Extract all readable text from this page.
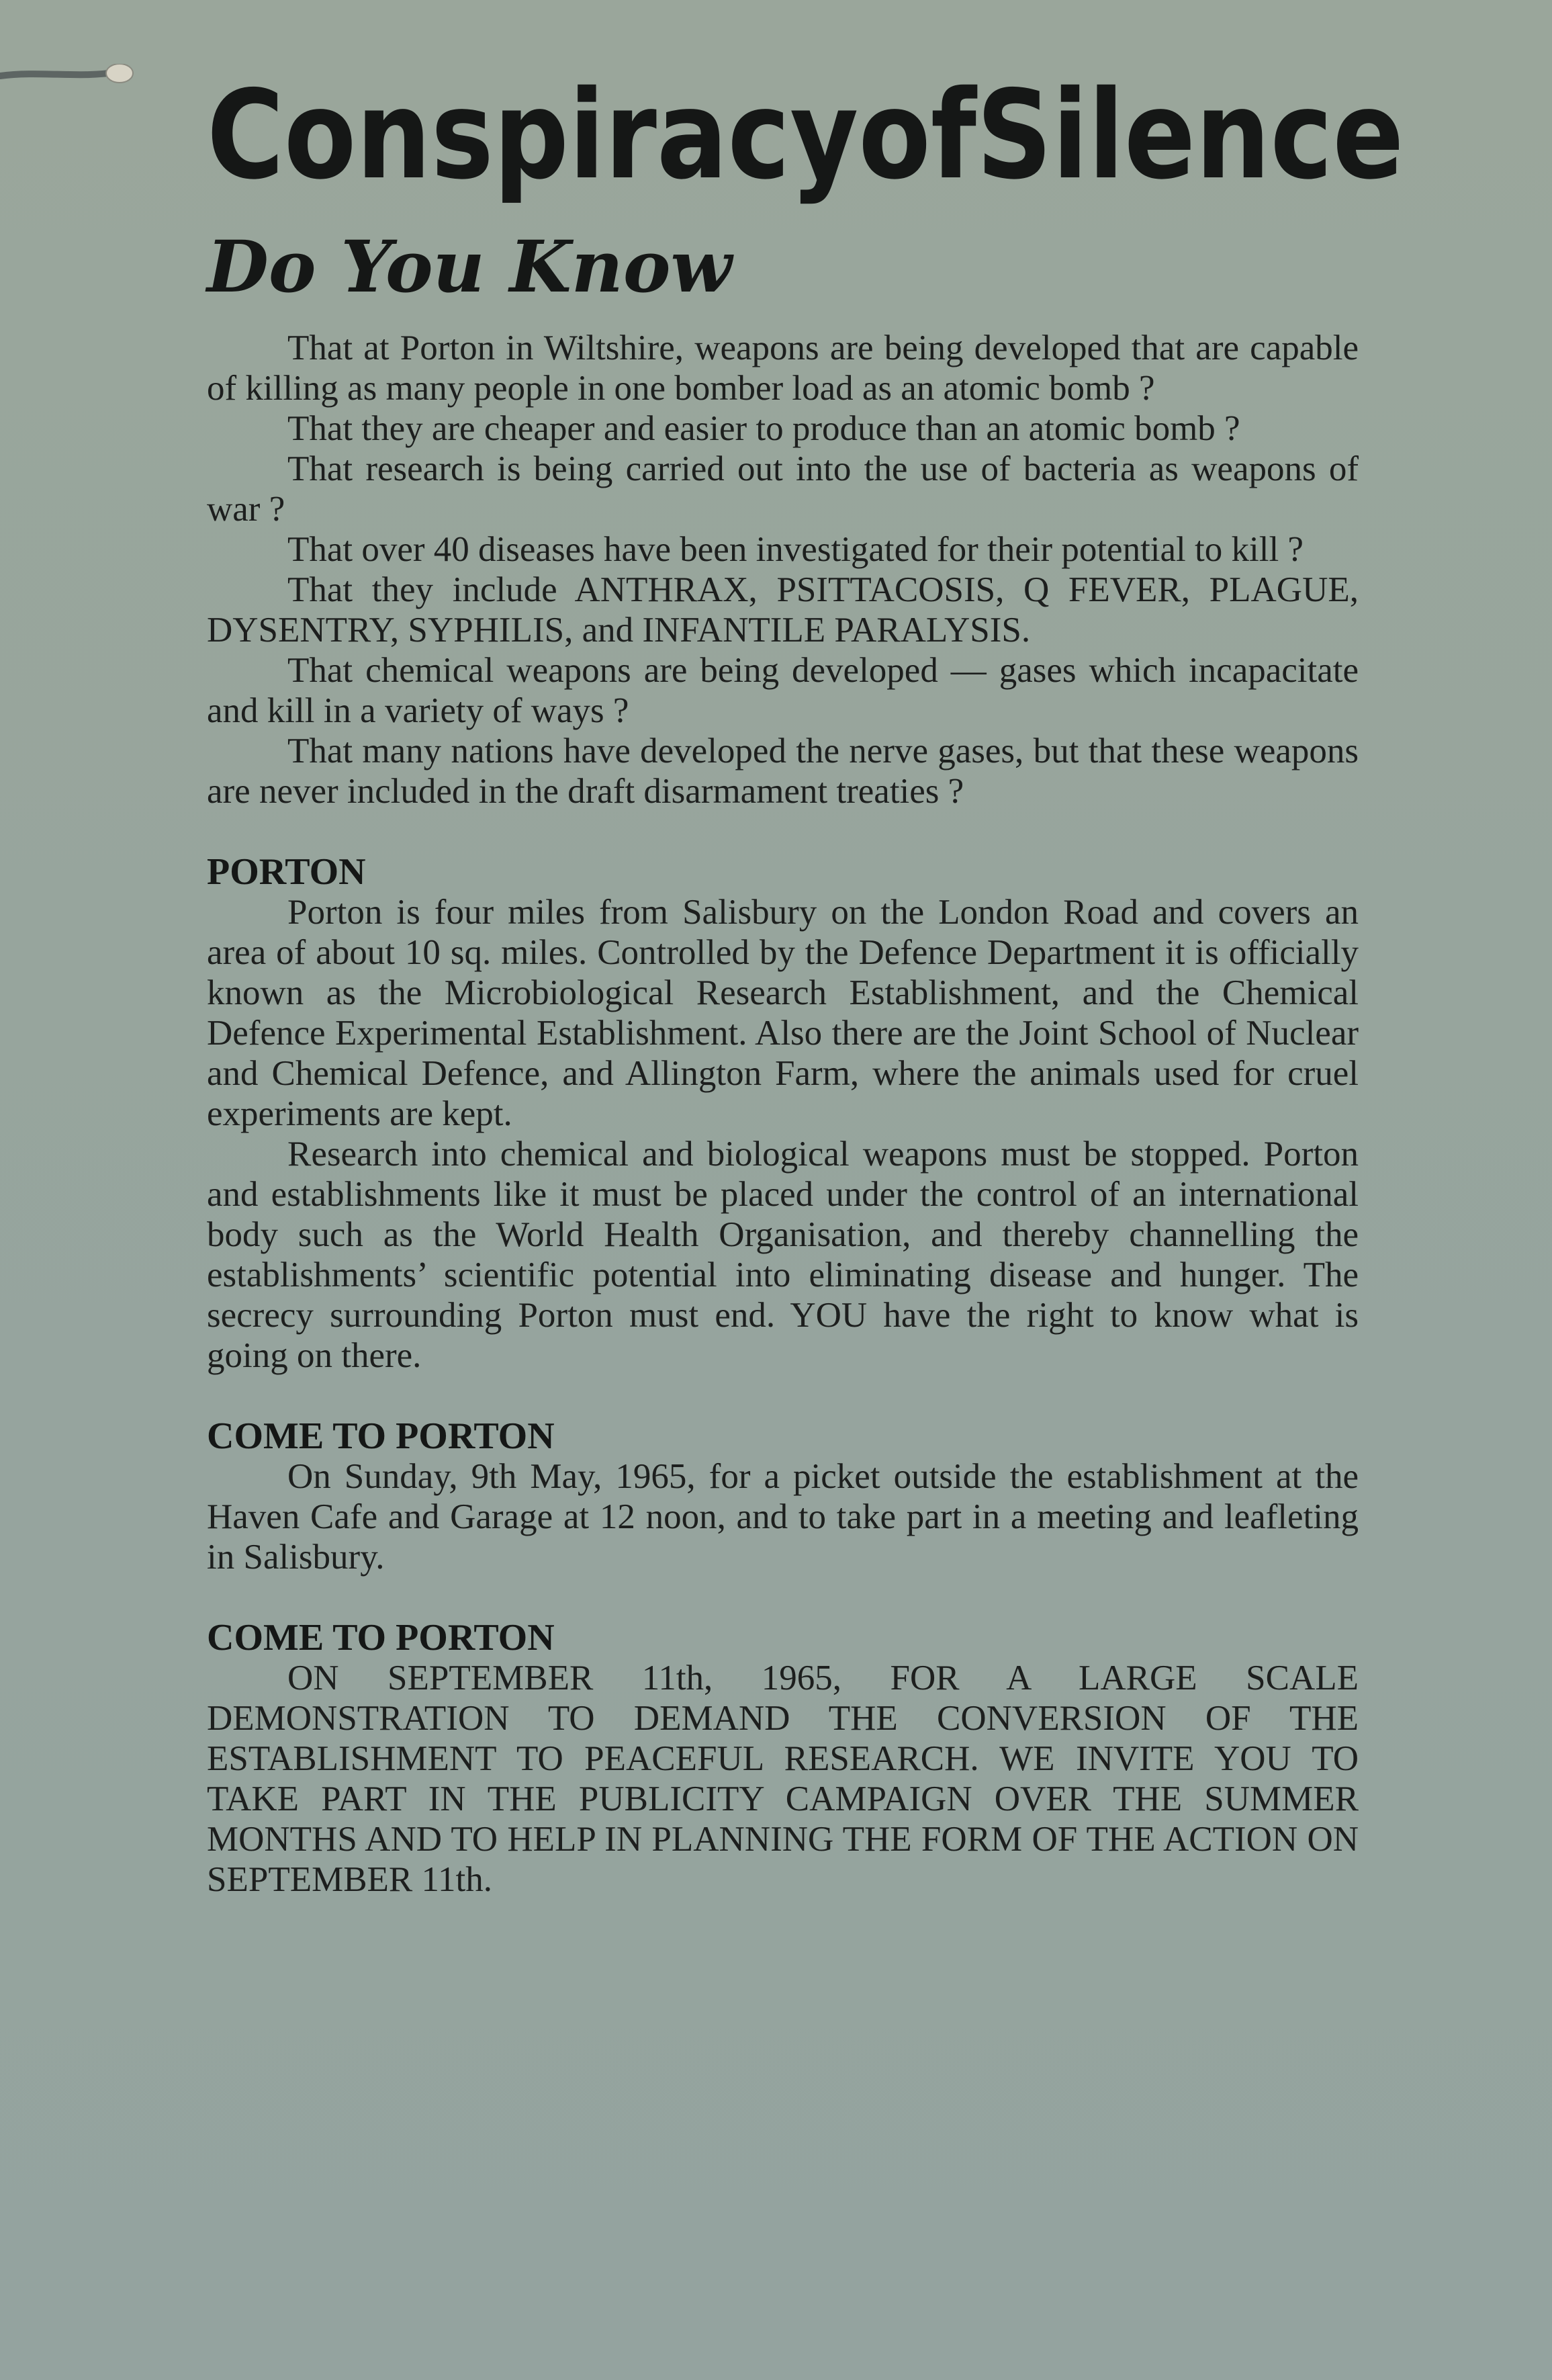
Conspiracy of Silence
Do You Know

That at Porton in Wiltshire, weapons are being developed that are capable of killing as many people in one bomber load as an atomic bomb ?

That they are cheaper and easier to produce than an atomic bomb ?

That research is being carried out into the use of bacteria as weapons of war ?

That over 40 diseases have been investigated for their potential to kill ?

That they include ANTHRAX, PSITTACOSIS, Q FEVER, PLAGUE, DYSENTRY, SYPHILIS, and INFANTILE PARALYSIS.

That chemical weapons are being developed — gases which incapacitate and kill in a variety of ways ?

That many nations have developed the nerve gases, but that these weapons are never included in the draft disarmament treaties ?

PORTON

Porton is four miles from Salisbury on the London Road and covers an area of about 10 sq. miles. Controlled by the Defence Department it is officially known as the Microbiological Research Establishment, and the Chemical Defence Experimental Establishment. Also there are the Joint School of Nuclear and Chemical Defence, and Allington Farm, where the animals used for cruel experiments are kept.

Research into chemical and biological weapons must be stopped. Porton and establishments like it must be placed under the control of an international body such as the World Health Organisation, and thereby channelling the establishments’ scientific potential into eliminating disease and hunger. The secrecy surrounding Porton must end. YOU have the right to know what is going on there.

COME TO PORTON

On Sunday, 9th May, 1965, for a picket outside the establishment at the Haven Cafe and Garage at 12 noon, and to take part in a meeting and leafleting in Salisbury.

COME TO PORTON

ON SEPTEMBER 11th, 1965, FOR A LARGE SCALE DEMONSTRATION TO DEMAND THE CONVERSION OF THE ESTABLISHMENT TO PEACEFUL RESEARCH. WE INVITE YOU TO TAKE PART IN THE PUBLICITY CAMPAIGN OVER THE SUMMER MONTHS AND TO HELP IN PLANNING THE FORM OF THE ACTION ON SEPTEMBER 11th.
